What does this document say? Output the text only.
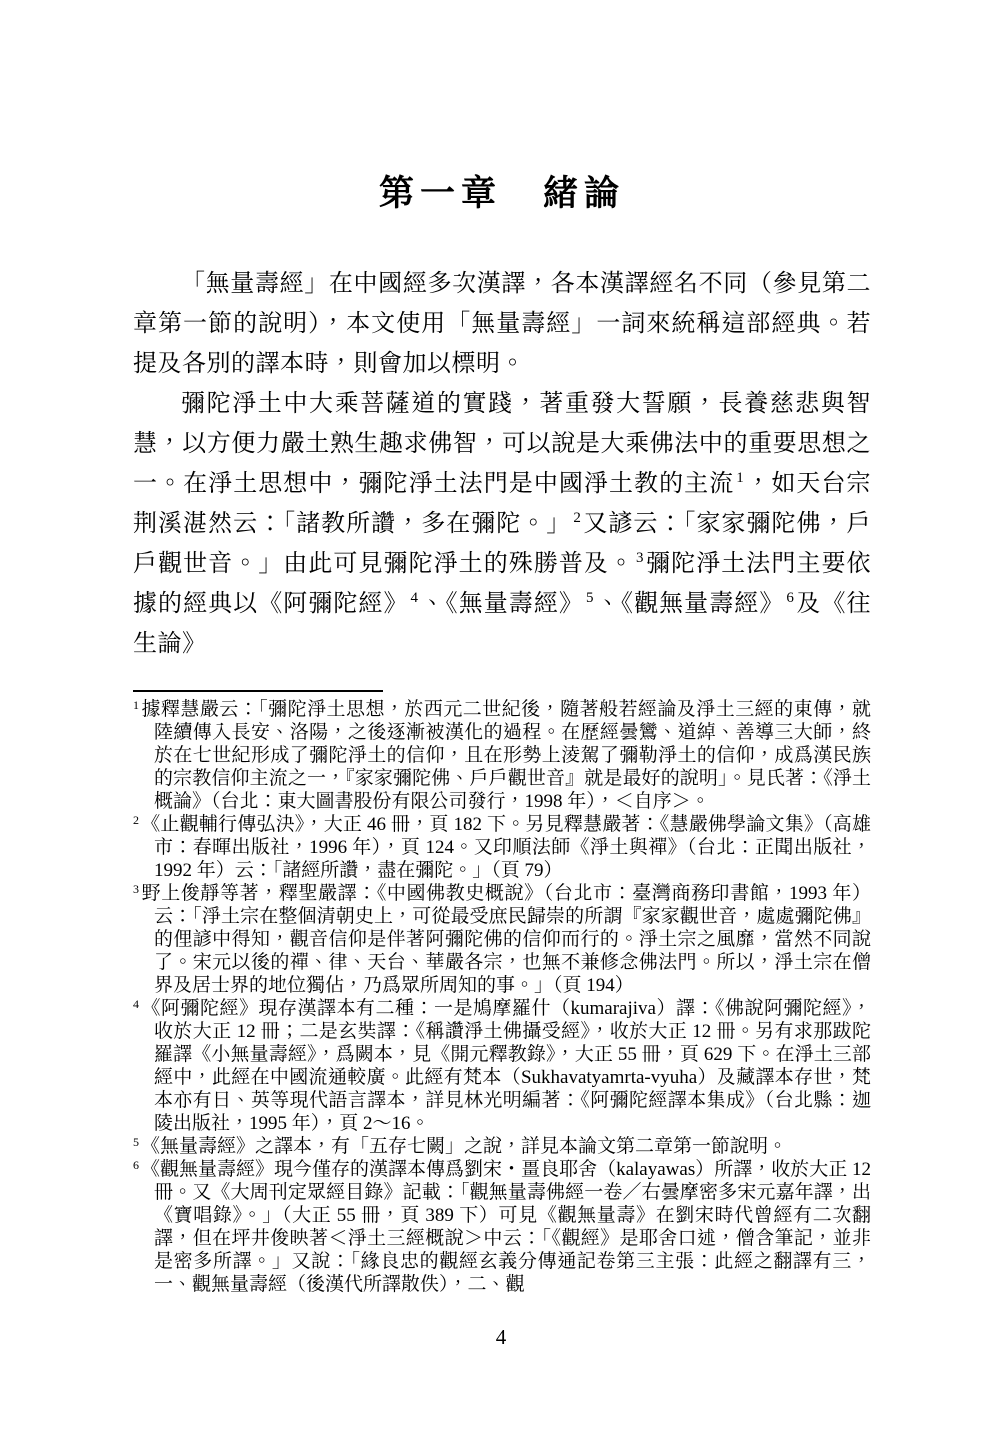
第一章　緒論

「無量壽經」在中國經多次漢譯，各本漢譯經名不同（參見第二章第一節的說明），本文使用「無量壽經」一詞來統稱這部經典。若提及各別的譯本時，則會加以標明。

彌陀淨土中大乘菩薩道的實踐，著重發大誓願，長養慈悲與智慧，以方便力嚴土熟生趣求佛智，可以說是大乘佛法中的重要思想之一。在淨土思想中，彌陀淨土法門是中國淨土教的主流 $^1$，如天台宗荆溪湛然云：「諸教所讚，多在彌陀。」 $^2$又諺云：「家家彌陀佛，戶戶觀世音。」由此可見彌陀淨土的殊勝普及。 $^3$彌陀淨土法門主要依據的經典以《阿彌陀經》 $^4$、《無量壽經》 $^5$、《觀無量壽經》 $^6$及《往生論》

$^1$ 據釋慧嚴云：「彌陀淨土思想，於西元二世紀後，隨著般若經論及淨土三經的東傳，就陸續傳入長安、洛陽，之後逐漸被漢化的過程。在歷經曇鸞、道綽、善導三大師，終於在七世紀形成了彌陀淨土的信仰，且在形勢上淩駕了彌勒淨土的信仰，成爲漢民族的宗教信仰主流之一，『家家彌陀佛、戶戶觀世音』就是最好的說明」。見氏著：《淨土概論》（台北：東大圖書股份有限公司發行，1998 年），＜自序＞。
$^2$ 《止觀輔行傳弘決》，大正 46 冊，頁 182 下。另見釋慧嚴著：《慧嚴佛學論文集》（高雄市：春暉出版社，1996 年），頁 124。又印順法師《淨土與禪》（台北：正聞出版社，1992 年）云：「諸經所讚，盡在彌陀。」（頁 79）
$^3$ 野上俊靜等著，釋聖嚴譯：《中國佛教史概說》（台北市：臺灣商務印書館，1993 年）云：「淨土宗在整個清朝史上，可從最受庶民歸崇的所謂『家家觀世音，處處彌陀佛』的俚諺中得知，觀音信仰是伴著阿彌陀佛的信仰而行的。淨土宗之風靡，當然不同說了。宋元以後的禪、律、天台、華嚴各宗，也無不兼修念佛法門。所以，淨土宗在僧界及居士界的地位獨佔，乃爲眾所周知的事。」（頁 194）
$^4$ 《阿彌陀經》現存漢譯本有二種：一是鳩摩羅什（kumarajiva）譯：《佛說阿彌陀經》，收於大正 12 冊；二是玄奘譯：《稱讚淨土佛攝受經》，收於大正 12 冊。另有求那跋陀羅譯《小無量壽經》，爲闕本，見《開元釋教錄》，大正 55 冊，頁 629 下。在淨土三部經中，此經在中國流通較廣。此經有梵本（Sukhavatyamrta-vyuha）及藏譯本存世，梵本亦有日、英等現代語言譯本，詳見林光明編著：《阿彌陀經譯本集成》（台北縣：迦陵出版社，1995 年），頁 2～16。
$^5$ 《無量壽經》之譯本，有「五存七闕」之說，詳見本論文第二章第一節說明。
$^6$ 《觀無量壽經》現今僅存的漢譯本傳爲劉宋・畺良耶舍（kalayawas）所譯，收於大正 12 冊。又《大周刊定眾經目錄》記載：「觀無量壽佛經一卷／右曇摩密多宋元嘉年譯，出《寶唱錄》。」（大正 55 冊，頁 389 下）可見《觀無量壽》在劉宋時代曾經有二次翻譯，但在坪井俊映著＜淨土三經概說＞中云：「《觀經》是耶舍口述，僧含筆記，並非是密多所譯。」又說：「緣良忠的觀經玄義分傳通記卷第三主張：此經之翻譯有三，一、觀無量壽經（後漢代所譯散佚），二、觀
4
